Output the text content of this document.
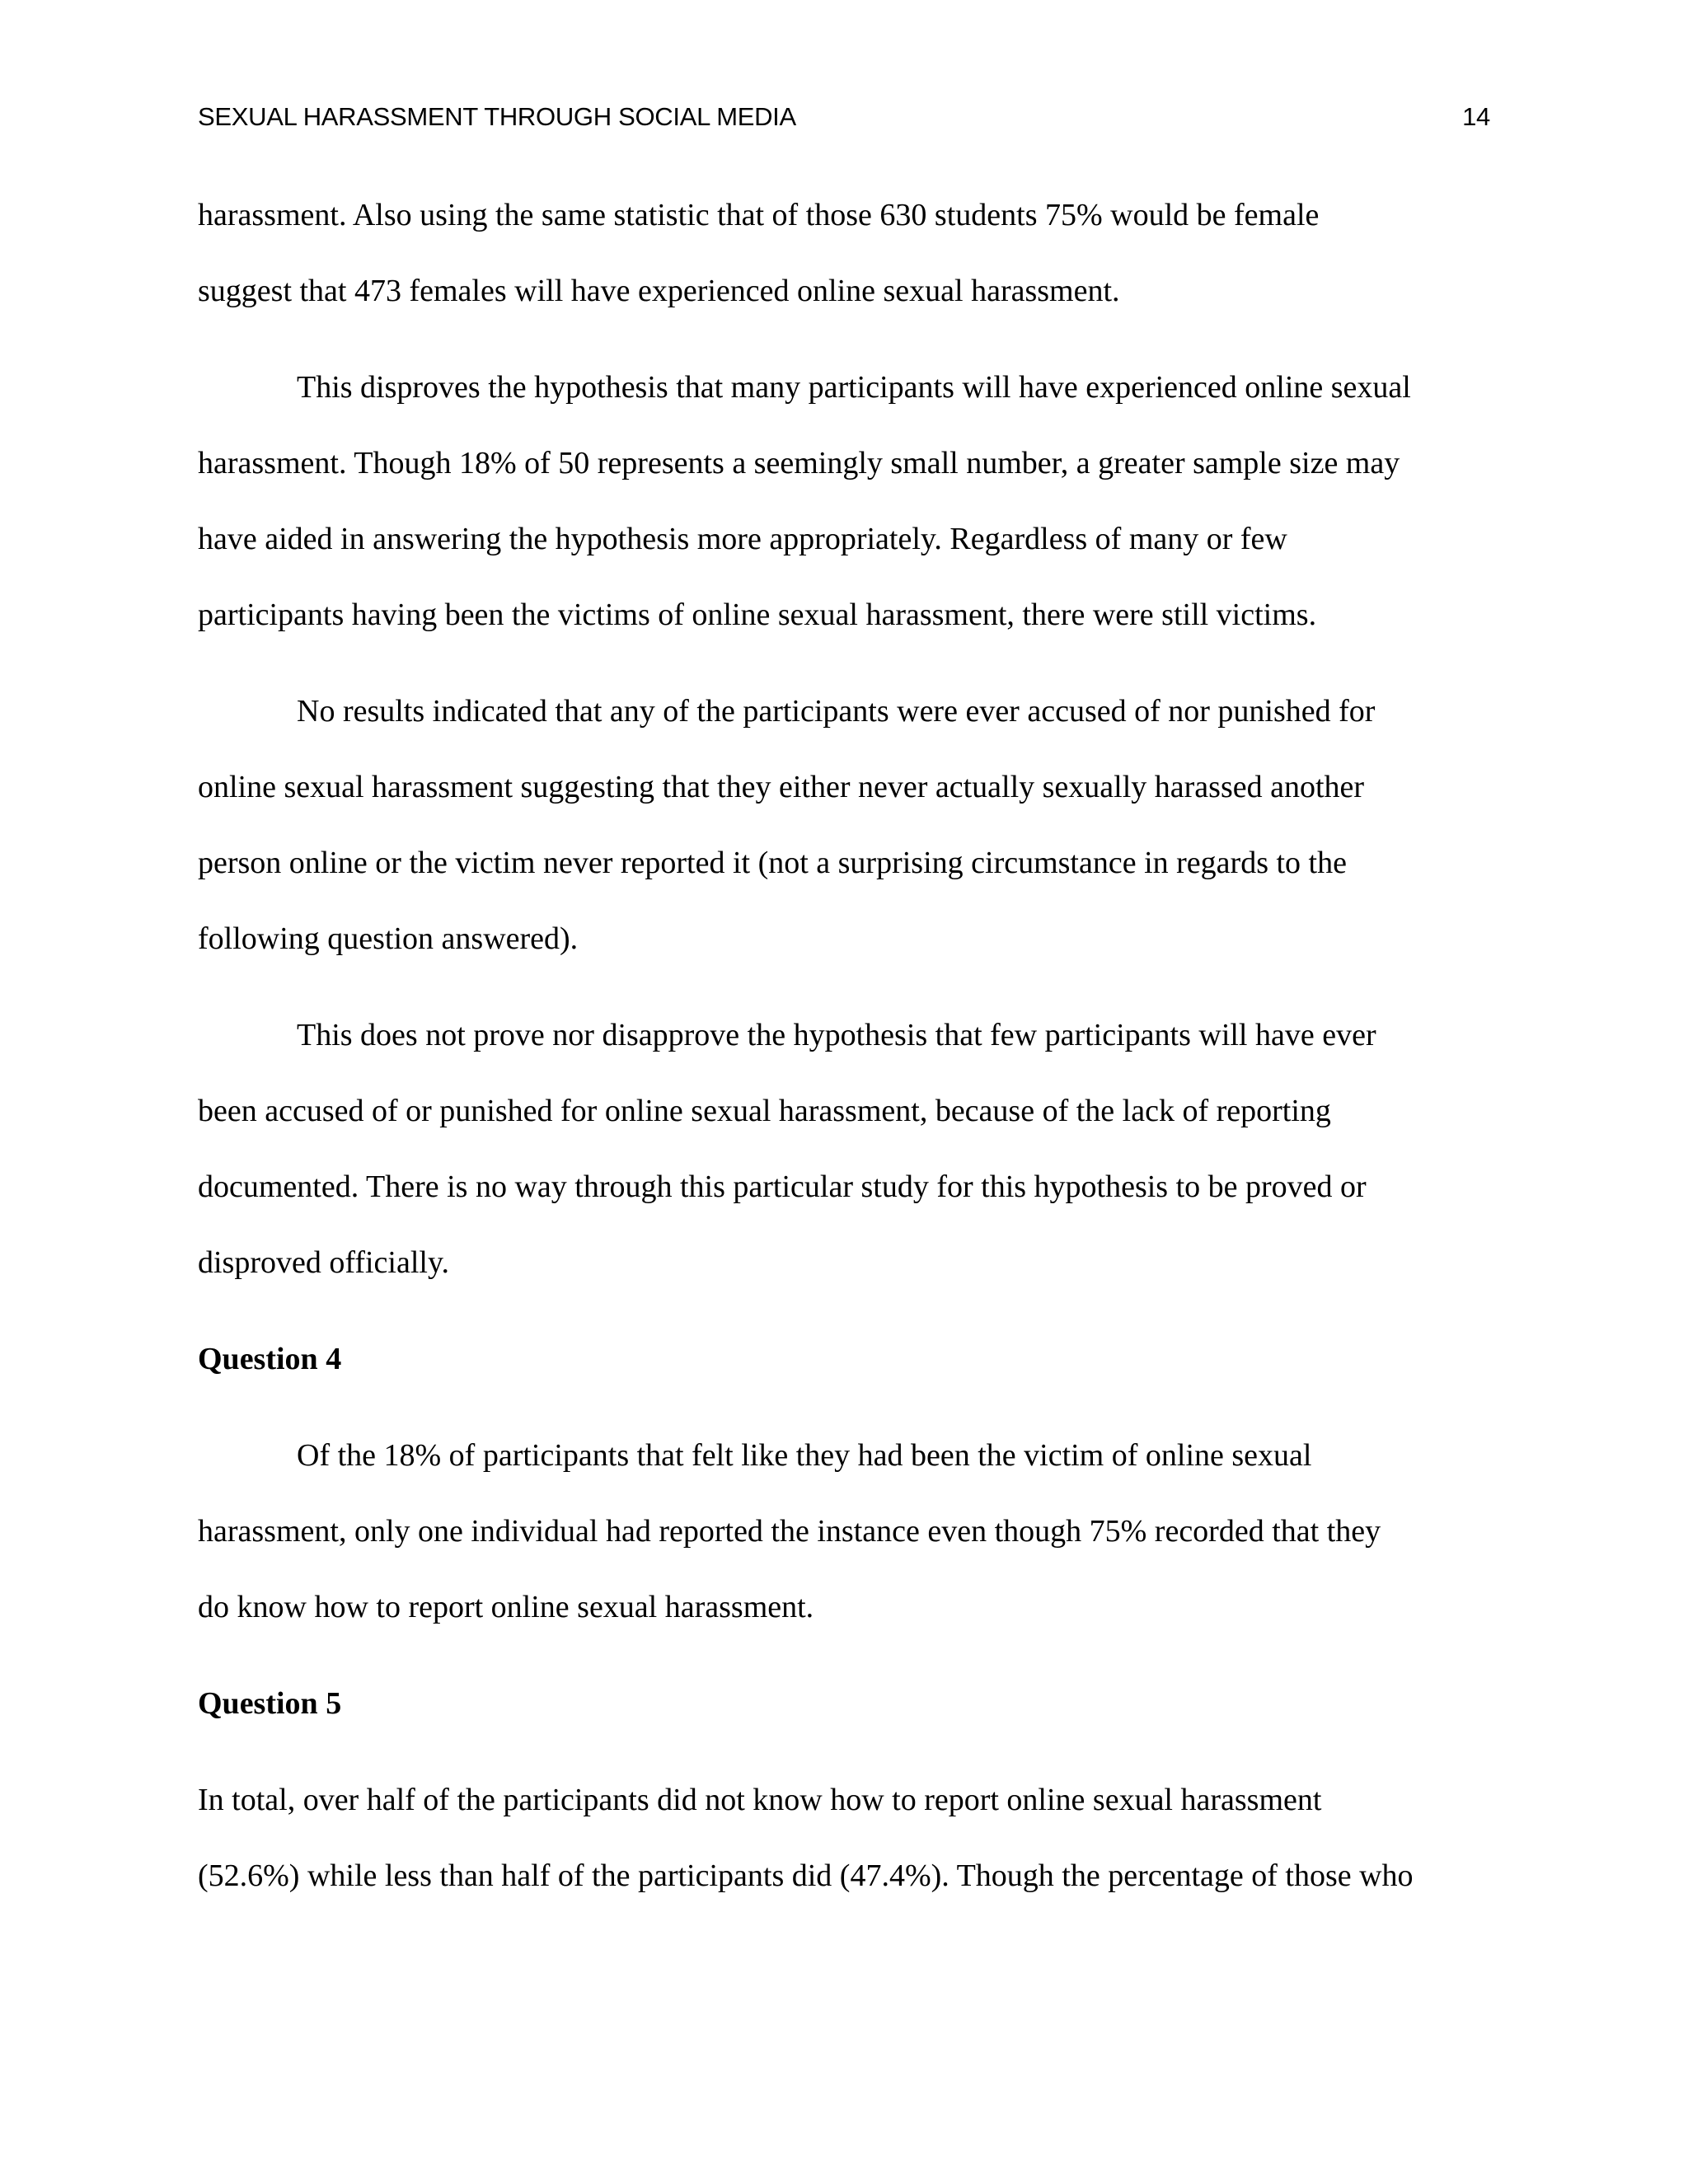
SEXUAL HARASSMENT THROUGH SOCIAL MEDIA	14
harassment. Also using the same statistic that of those 630 students 75% would be female
suggest that 473 females will have experienced online sexual harassment.
This disproves the hypothesis that many participants will have experienced online sexual
harassment. Though 18% of 50 represents a seemingly small number, a greater sample size may
have aided in answering the hypothesis more appropriately. Regardless of many or few
participants having been the victims of online sexual harassment, there were still victims.
No results indicated that any of the participants were ever accused of nor punished for
online sexual harassment suggesting that they either never actually sexually harassed another
person online or the victim never reported it (not a surprising circumstance in regards to the
following question answered).
This does not prove nor disapprove the hypothesis that few participants will have ever
been accused of or punished for online sexual harassment, because of the lack of reporting
documented. There is no way through this particular study for this hypothesis to be proved or
disproved officially.
Question 4
Of the 18% of participants that felt like they had been the victim of online sexual
harassment, only one individual had reported the instance even though 75% recorded that they
do know how to report online sexual harassment.
Question 5
In total, over half of the participants did not know how to report online sexual harassment
(52.6%) while less than half of the participants did (47.4%). Though the percentage of those who
